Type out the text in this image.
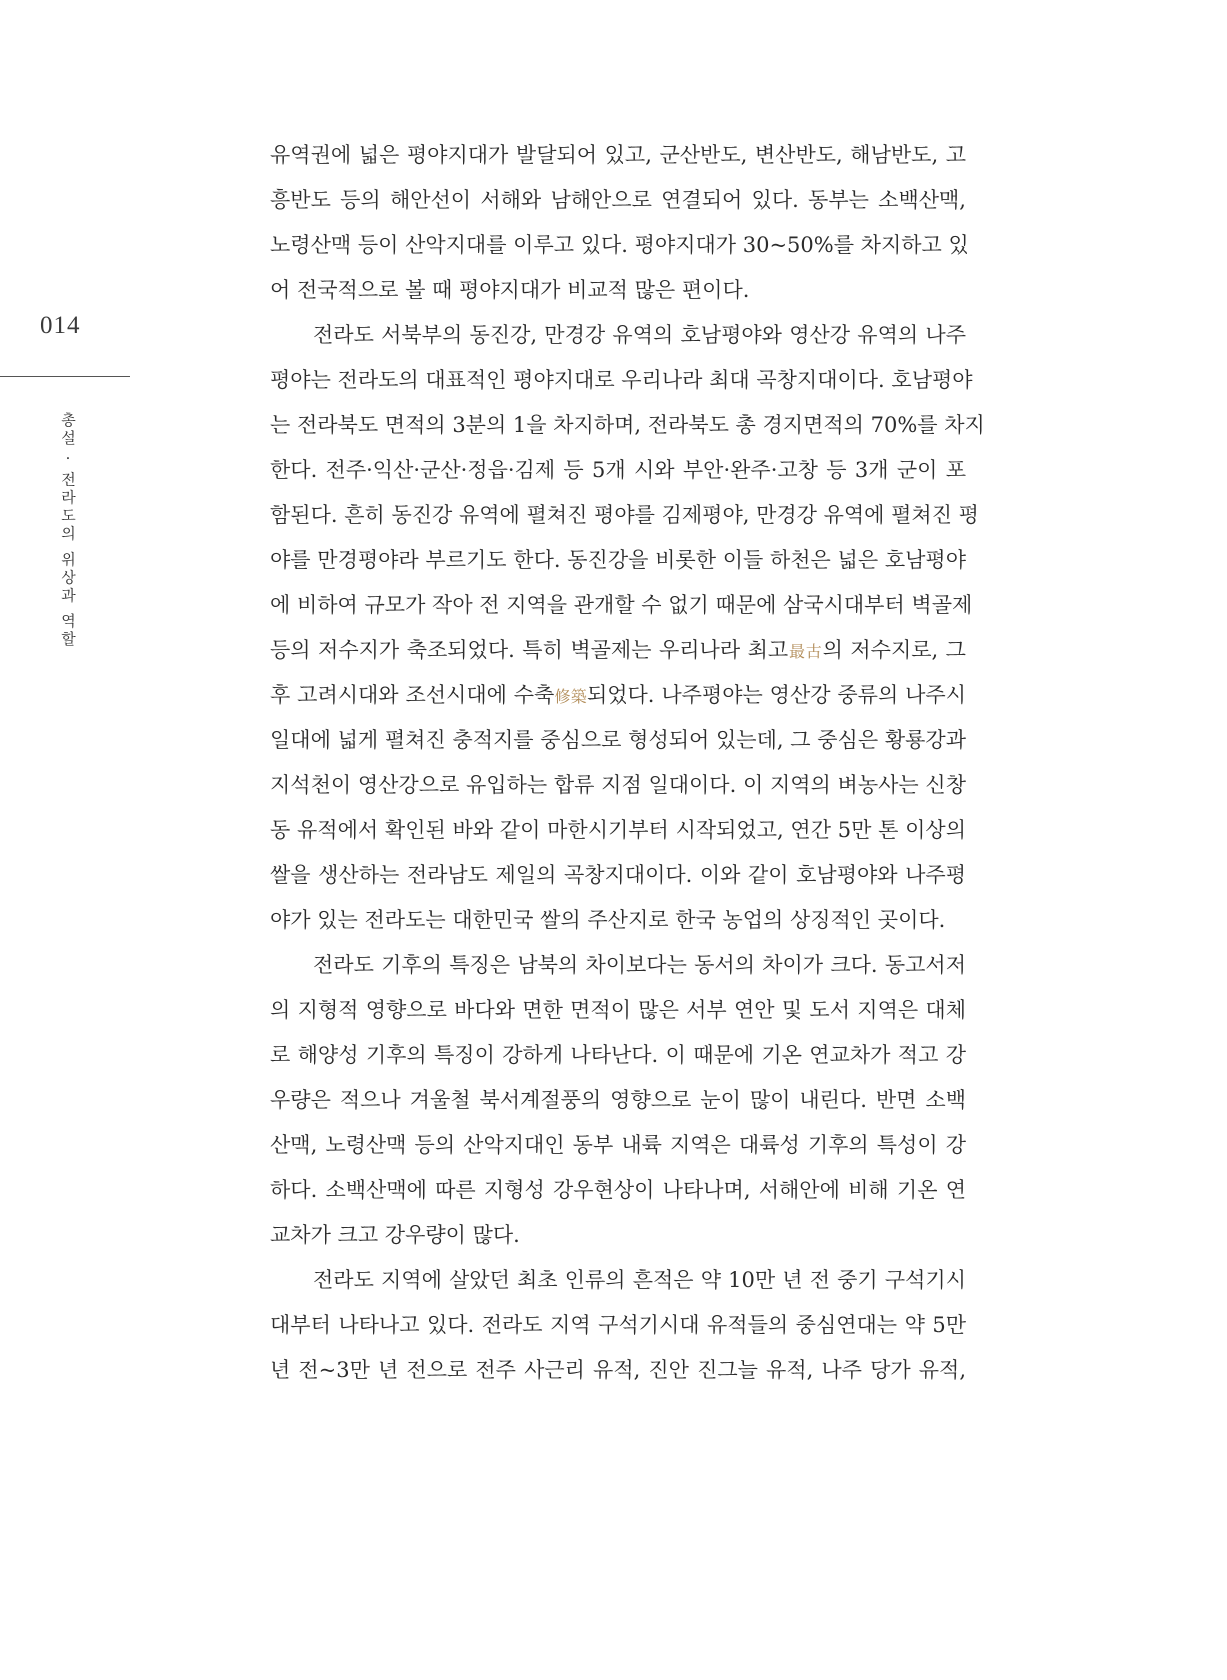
014
총설 · 전라도의 위상과 역할
유역권에 넓은 평야지대가 발달되어 있고, 군산반도, 변산반도, 해남반도, 고
흥반도 등의 해안선이 서해와 남해안으로 연결되어 있다. 동부는 소백산맥,
노령산맥 등이 산악지대를 이루고 있다. 평야지대가 30~50%를 차지하고 있
어 전국적으로 볼 때 평야지대가 비교적 많은 편이다.
전라도 서북부의 동진강, 만경강 유역의 호남평야와 영산강 유역의 나주
평야는 전라도의 대표적인 평야지대로 우리나라 최대 곡창지대이다. 호남평야
는 전라북도 면적의 3분의 1을 차지하며, 전라북도 총 경지면적의 70%를 차지
한다. 전주·익산·군산·정읍·김제 등 5개 시와 부안·완주·고창 등 3개 군이 포
함된다. 흔히 동진강 유역에 펼쳐진 평야를 김제평야, 만경강 유역에 펼쳐진 평
야를 만경평야라 부르기도 한다. 동진강을 비롯한 이들 하천은 넓은 호남평야
에 비하여 규모가 작아 전 지역을 관개할 수 없기 때문에 삼국시대부터 벽골제
등의 저수지가 축조되었다. 특히 벽골제는 우리나라 최고最古의 저수지로, 그
후 고려시대와 조선시대에 수축修築되었다. 나주평야는 영산강 중류의 나주시
일대에 넓게 펼쳐진 충적지를 중심으로 형성되어 있는데, 그 중심은 황룡강과
지석천이 영산강으로 유입하는 합류 지점 일대이다. 이 지역의 벼농사는 신창
동 유적에서 확인된 바와 같이 마한시기부터 시작되었고, 연간 5만 톤 이상의
쌀을 생산하는 전라남도 제일의 곡창지대이다. 이와 같이 호남평야와 나주평
야가 있는 전라도는 대한민국 쌀의 주산지로 한국 농업의 상징적인 곳이다.
전라도 기후의 특징은 남북의 차이보다는 동서의 차이가 크다. 동고서저
의 지형적 영향으로 바다와 면한 면적이 많은 서부 연안 및 도서 지역은 대체
로 해양성 기후의 특징이 강하게 나타난다. 이 때문에 기온 연교차가 적고 강
우량은 적으나 겨울철 북서계절풍의 영향으로 눈이 많이 내린다. 반면 소백
산맥, 노령산맥 등의 산악지대인 동부 내륙 지역은 대륙성 기후의 특성이 강
하다. 소백산맥에 따른 지형성 강우현상이 나타나며, 서해안에 비해 기온 연
교차가 크고 강우량이 많다.
전라도 지역에 살았던 최초 인류의 흔적은 약 10만 년 전 중기 구석기시
대부터 나타나고 있다. 전라도 지역 구석기시대 유적들의 중심연대는 약 5만
년 전~3만 년 전으로 전주 사근리 유적, 진안 진그늘 유적, 나주 당가 유적,
